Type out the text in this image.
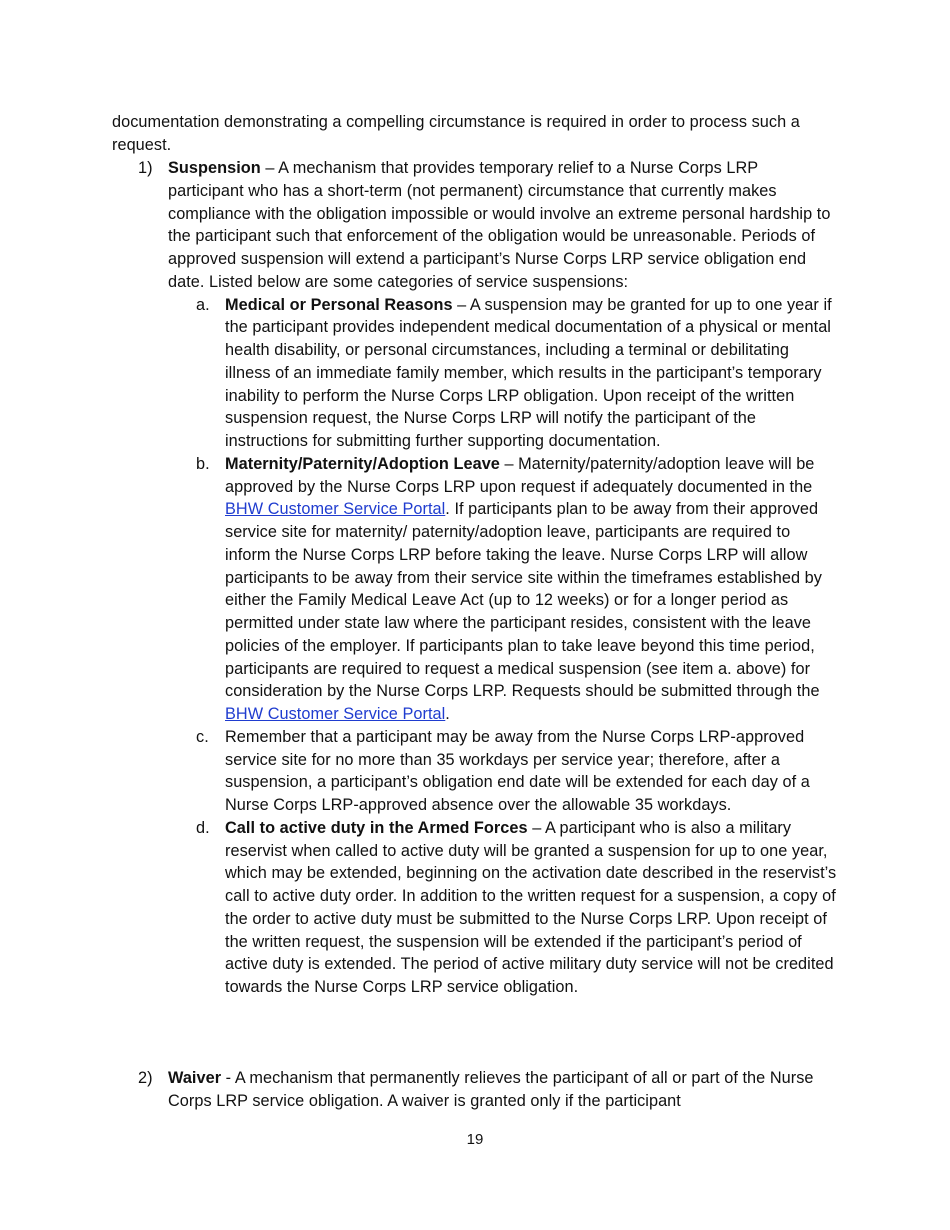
documentation demonstrating a compelling circumstance is required in order to process such a request.

1) Suspension – A mechanism that provides temporary relief to a Nurse Corps LRP participant who has a short-term (not permanent) circumstance that currently makes compliance with the obligation impossible or would involve an extreme personal hardship to the participant such that enforcement of the obligation would be unreasonable. Periods of approved suspension will extend a participant’s Nurse Corps LRP service obligation end date. Listed below are some categories of service suspensions:
a. Medical or Personal Reasons – A suspension may be granted for up to one year if the participant provides independent medical documentation of a physical or mental health disability, or personal circumstances, including a terminal or debilitating illness of an immediate family member, which results in the participant’s temporary inability to perform the Nurse Corps LRP obligation. Upon receipt of the written suspension request, the Nurse Corps LRP will notify the participant of the instructions for submitting further supporting documentation.
b. Maternity/Paternity/Adoption Leave – Maternity/paternity/adoption leave will be approved by the Nurse Corps LRP upon request if adequately documented in the BHW Customer Service Portal. If participants plan to be away from their approved service site for maternity/ paternity/adoption leave, participants are required to inform the Nurse Corps LRP before taking the leave. Nurse Corps LRP will allow participants to be away from their service site within the timeframes established by either the Family Medical Leave Act (up to 12 weeks) or for a longer period as permitted under state law where the participant resides, consistent with the leave policies of the employer. If participants plan to take leave beyond this time period, participants are required to request a medical suspension (see item a. above) for consideration by the Nurse Corps LRP. Requests should be submitted through the BHW Customer Service Portal.
c. Remember that a participant may be away from the Nurse Corps LRP-approved service site for no more than 35 workdays per service year; therefore, after a suspension, a participant’s obligation end date will be extended for each day of a Nurse Corps LRP-approved absence over the allowable 35 workdays.
d. Call to active duty in the Armed Forces – A participant who is also a military reservist when called to active duty will be granted a suspension for up to one year, which may be extended, beginning on the activation date described in the reservist’s call to active duty order. In addition to the written request for a suspension, a copy of the order to active duty must be submitted to the Nurse Corps LRP. Upon receipt of the written request, the suspension will be extended if the participant’s period of active duty is extended. The period of active military duty service will not be credited towards the Nurse Corps LRP service obligation.
2) Waiver - A mechanism that permanently relieves the participant of all or part of the Nurse Corps LRP service obligation. A waiver is granted only if the participant
19
